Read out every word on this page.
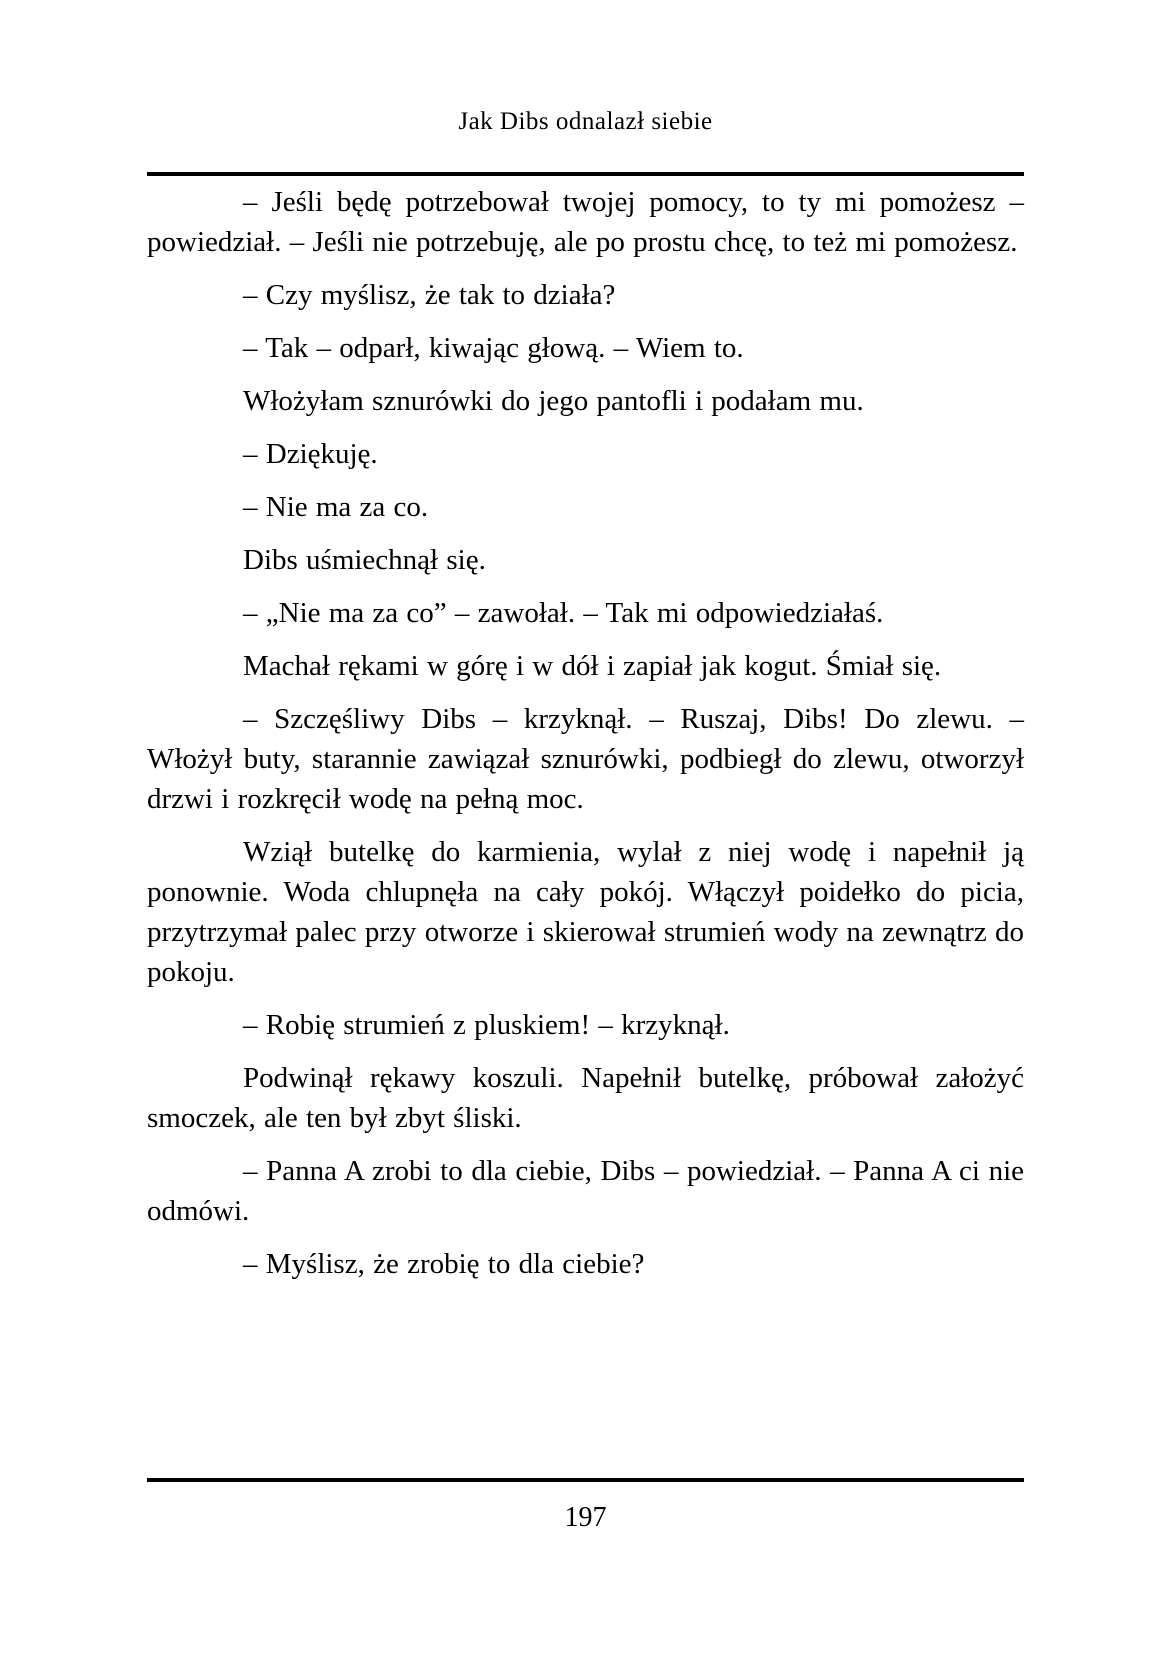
Jak Dibs odnalazł siebie

– Jeśli będę potrzebował twojej pomocy, to ty mi pomożesz – powiedział. – Jeśli nie potrzebuję, ale po prostu chcę, to też mi pomożesz.

– Czy myślisz, że tak to działa?

– Tak – odparł, kiwając głową. – Wiem to.

Włożyłam sznurówki do jego pantofli i podałam mu.

– Dziękuję.

– Nie ma za co.

Dibs uśmiechnął się.

– „Nie ma za co” – zawołał. – Tak mi odpowiedziałaś.

Machał rękami w górę i w dół i zapiał jak kogut. Śmiał się.

– Szczęśliwy Dibs – krzyknął. – Ruszaj, Dibs! Do zlewu. – Włożył buty, starannie zawiązał sznurówki, podbiegł do zlewu, otworzył drzwi i rozkręcił wodę na pełną moc.

Wziął butelkę do karmienia, wylał z niej wodę i napełnił ją ponownie. Woda chlupnęła na cały pokój. Włączył poidełko do picia, przytrzymał palec przy otworze i skierował strumień wody na zewnątrz do pokoju.

– Robię strumień z pluskiem! – krzyknął.

Podwinął rękawy koszuli. Napełnił butelkę, próbował założyć smoczek, ale ten był zbyt śliski.

– Panna A zrobi to dla ciebie, Dibs – powiedział. – Panna A ci nie odmówi.

– Myślisz, że zrobię to dla ciebie?

197
